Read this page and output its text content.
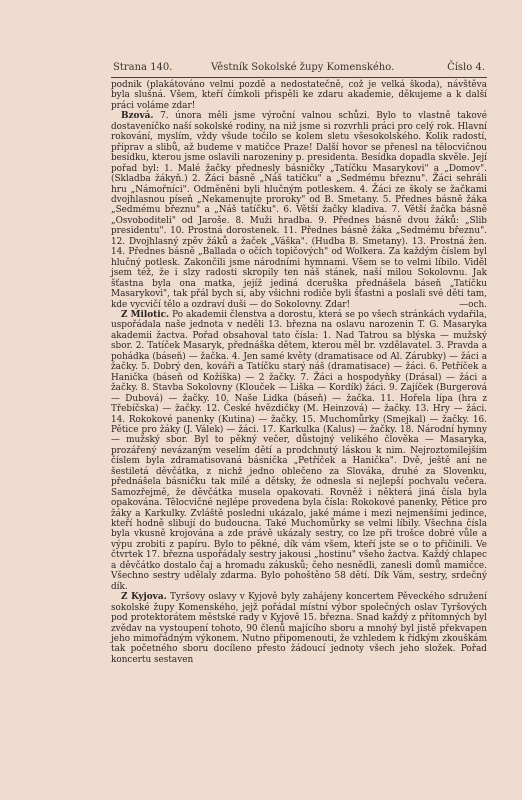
Strana 140.	Věstník Sokolské župy Komenského.	Číslo 4.

podnik (plakátováno velmi pozdě a nedostatečně, což je velká škoda), návštěva byla slušná. Všem, kteří čímkoli přispěli ke zdaru akademie, děkujeme a k další práci voláme zdar!

Bzová. 7. února měli jsme výroční valnou schůzi. Bylo to vlastně takové dostaveníčko naší sokolské rodiny, na niž jsme si rozvrhli práci pro celý rok. Hlavní rokování, myslím, vždy všude točilo se kolem sletu všesokolského. Kolik radostí, příprav a slibů, až budeme v matičce Praze! Další hovor se přenesl na tělocvičnou besídku, kterou jsme oslavili narozeniny p. presidenta. Besídka dopadla skvěle. Její pořad byl: 1. Malé žačky přednesly básničky „Tatíčku Masarykovi" a „Domov". (Skladba žákyň.) 2. Žáci básně „Náš tatíčku" a „Sedmému březnu". Žáci sehráli hru „Námořníci". Odměněni byli hlučným potleskem. 4. Žáci ze školy se žačkami dvojhlasnou píseň „Nekamenujte proroky" od B. Smetany. 5. Přednes básně žáka „Sedmému březnu" a „Náš tatíčku". 6. Větší žačky kladiva. 7. Větší žačka básně „Osvoboditeli" od Jaroše. 8. Muži hradba. 9. Přednes básně dvou žáků: „Slib presidentu". 10. Prostná dorostenek. 11. Přednes básně žáka „Sedmému březnu". 12. Dvojhlasný zpěv žáků a žaček „Váška". (Hudba B. Smetany). 13. Prostná žen. 14. Přednes básně „Ballada o očích topičových" od Wolkera. Za každým číslem byl hlučný potlesk. Zakončili jsme národními hymnami. Všem se to velmi líbilo. Viděl jsem též, že i slzy radosti skropily ten náš stánek, naší milou Sokolovnu. Jak šťastna byla ona matka, jejíž jediná dceruška přednášela báseň „Tatíčku Masarykovi", tak přál bych si, aby všichni rodiče byli šťastni a poslali své děti tam, kde vycvičí tělo a ozdraví duši — do Sokolovny. Zdar!	—och.

Z Milotic. Po akademii členstva a dorostu, která se po všech stránkách vydařila, uspořádala naše jednota v neděli 13. března na oslavu narozenin T. G. Masaryka akademii žactva. Pořad obsahoval tato čísla: 1. Nad Tatrou sa blýska — mužský sbor. 2. Tatíček Masaryk, přednáška dětem, kterou měl br. vzdělavatel. 3. Pravda a pohádka (báseň) — žačka. 4. Jen samé květy (dramatisace od Al. Zárubky) — žáci a žačky. 5. Dobrý den, kováři a Tatíčku starý náš (dramatisace) — žáci. 6. Petříček a Hanička (báseň od Kožíška) — 2 žačky. 7. Žáci a hospodyňky (Drásal) — žáci a žačky. 8. Stavba Sokolovny (Klouček — Liška — Kordík) žáci. 9. Zajíček (Burgerová — Dubová) — žačky. 10. Naše Lidka (báseň) — žačka. 11. Hořela lípa (hra z Třebíčska) — žačky. 12. České hvězdičky (M. Heinzová) — žačky. 13. Hry — žáci. 14. Rokokové panenky (Kutina) — žačky. 15. Muchomůrky (Smejkal) — žačky. 16. Pětice pro žáky (J. Válek) — žáci. 17. Karkulka (Kalus) — žačky. 18. Národní hymny — mužský sbor. Byl to pěkný večer, důstojný velikého člověka — Masaryka, prozářený nevázaným veselím dětí a prodchnutý láskou k nim. Nejroztomilejším číslem byla zdramatisovaná básnička „Petříček a Hanička". Dvě, ještě ani ne šestiletá děvčátka, z nichž jedno oblečeno za Slováka, druhé za Slovenku, přednášela básničku tak milé a dětsky, že odnesla si nejlepší pochvalu večera. Samozřejmě, že děvčátka musela opakovati. Rovněž i některá jiná čísla byla opakována. Tělocvičné nejlépe provedena byla čísla: Rokokové panenky, Pětice pro žáky a Karkulky. Zvláště posledni ukázalo, jaké máme i mezi nejmenšími jedince, kteří hodně slibují do budoucna. Také Muchomůrky se velmi líbily. Všechna čísla byla vkusně krojována a zde právě ukázaly sestry, co lze při trošce dobré vůle a výpu zrobiti z papíru. Bylo to pěkné, dík vám všem, kteří jste se o to přičinili. Ve čtvrtek 17. března uspořádaly sestry jakousi „hostinu" všeho žactva. Každý chlapec a děvčátko dostalo čaj a hromadu zákusků; čeho nesnědli, zanesli domů mamičce. Všechno sestry udělaly zdarma. Bylo pohoštěno 58 dětí. Dík Vám, sestry, srdečný dík.

Z Kyjova. Tyršovy oslavy v Kyjově byly zahájeny koncertem Pěveckého sdružení sokolské župy Komenského, jejž pořádal místní výbor společných oslav Tyršových pod protektorátem městské rady v Kyjově 15. března. Snad každý z přítomných byl zvědav na vystoupení tohoto, 90 členů majícího sboru a mnohý byl jistě překvapen jeho mimořádným výkonem. Nutno připomenouti, že vzhledem k řídkým zkouškám tak početného sboru docíleno přesto žádoucí jednoty všech jeho složek. Pořad koncertu sestaven
